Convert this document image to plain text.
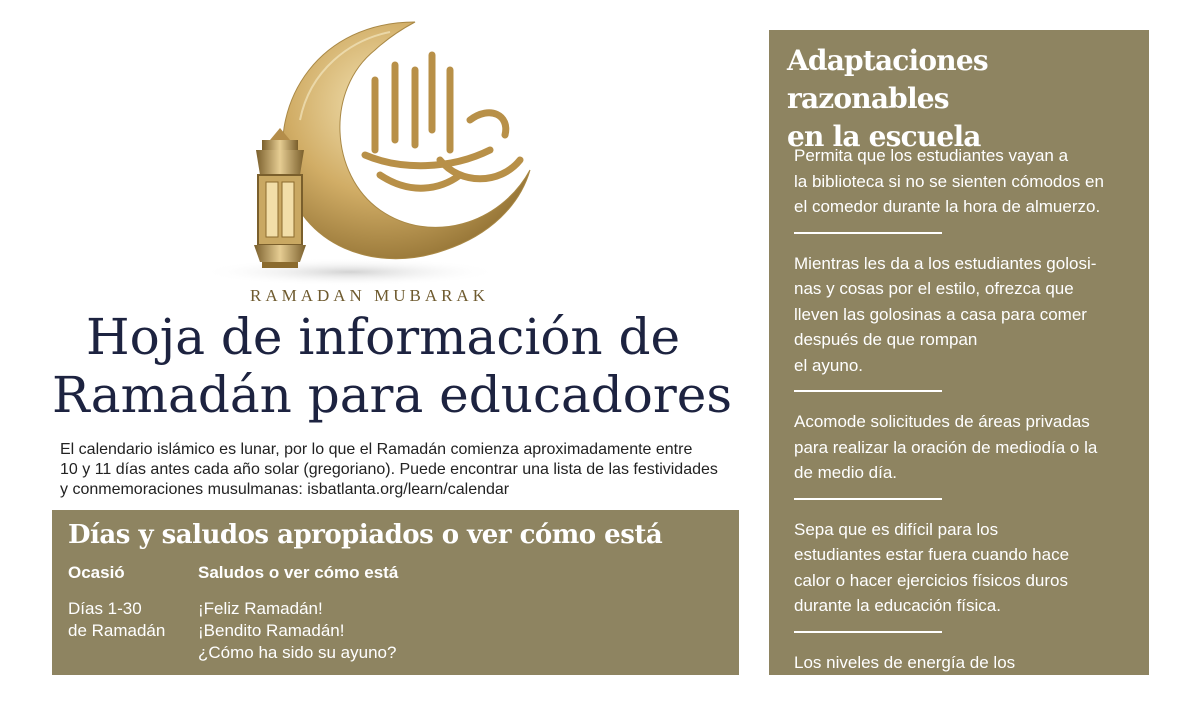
RAMADAN MUBARAK
Hoja de información de
Ramadán para educadores
El calendario islámico es lunar, por lo que el Ramadán comienza aproximadamente entre
10 y 11 días antes cada año solar (gregoriano). Puede encontrar una lista de las festividades
y conmemoraciones musulmanas: isbatlanta.org/learn/calendar
Días y saludos apropiados o ver cómo está
Ocasió	Saludos o ver cómo está
Días 1-30
de Ramadán
¡Feliz Ramadán!
¡Bendito Ramadán!
¿Cómo ha sido su ayuno?
Adaptaciones razonables
en la escuela
Permita que los estudiantes vayan a
la biblioteca si no se sienten cómodos en
el comedor durante la hora de almuerzo.
Mientras les da a los estudiantes golosi-
nas y cosas por el estilo, ofrezca que
lleven las golosinas a casa para comer
después de que rompan
el ayuno.
Acomode solicitudes de áreas privadas
para realizar la oración de mediodía o la
de medio día.
Sepa que es difícil para los
estudiantes estar fuera cuando hace
calor o hacer ejercicios físicos duros
durante la educación física.
Los niveles de energía de los
estudiantes pueden ser bajos en los
